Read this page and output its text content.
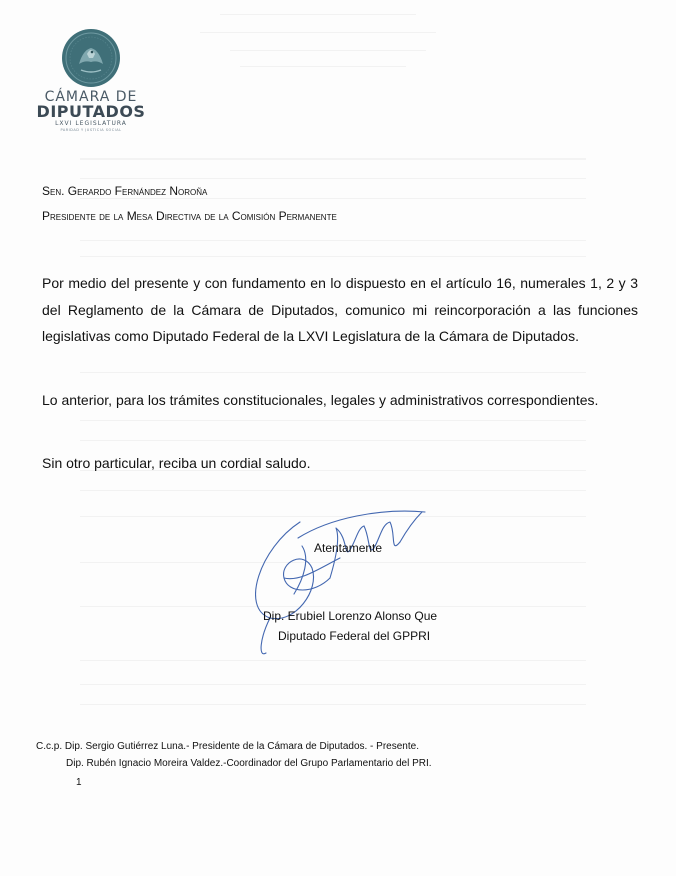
CÁMARA DE
DIPUTADOS
LXVI LEGISLATURA
PARIDAD Y JUSTICIA SOCIAL
Sen. Gerardo Fernández Noroña
Presidente de la Mesa Directiva de la Comisión Permanente
Por medio del presente y con fundamento en lo dispuesto en el artículo 16, numerales 1, 2 y 3 del Reglamento de la Cámara de Diputados, comunico mi reincorporación a las funciones legislativas como Diputado Federal de la LXVI Legislatura de la Cámara de Diputados.
Lo anterior, para los trámites constitucionales, legales y administrativos correspondientes.
Sin otro particular, reciba un cordial saludo.
Atentamente
Dip. Erubiel Lorenzo Alonso Que
Diputado Federal del GPPRI
C.c.p. Dip. Sergio Gutiérrez Luna.- Presidente de la Cámara de Diputados. - Presente.
Dip. Rubén Ignacio Moreira Valdez.-Coordinador del Grupo Parlamentario del PRI.
1
